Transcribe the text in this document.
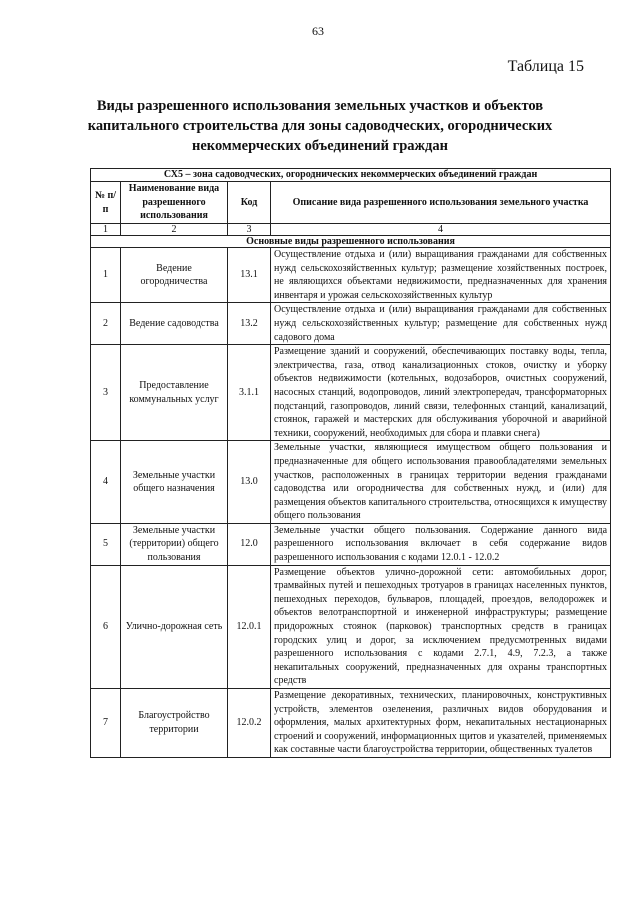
63
Таблица 15
Виды разрешенного использования земельных участков и объектов
капитального строительства для зоны садоводческих, огороднических
некоммерческих объединений граждан
СХ5 – зона садоводческих, огороднических некоммерческих объединений граждан			
№ п/п	Наименование вида разрешенного использования	Код	Описание вида разрешенного использования земельного участка
1	2	3	4
Основные виды разрешенного использования			
1	Ведение огородничества	13.1	Осуществление отдыха и (или) выращивания гражданами для собственных нужд сельскохозяйственных культур; размещение хозяйственных построек, не являющихся объектами недвижимости, предназначенных для хранения инвентаря и урожая сельскохозяйственных культур
2	Ведение садоводства	13.2	Осуществление отдыха и (или) выращивания гражданами для собственных нужд сельскохозяйственных культур; размещение для собственных нужд садового дома
3	Предоставление коммунальных услуг	3.1.1	Размещение зданий и сооружений, обеспечивающих поставку воды, тепла, электричества, газа, отвод канализационных стоков, очистку и уборку объектов недвижимости (котельных, водозаборов, очистных сооружений, насосных станций, водопроводов, линий электропередач, трансформаторных подстанций, газопроводов, линий связи, телефонных станций, канализаций, стоянок, гаражей и мастерских для обслуживания уборочной и аварийной техники, сооружений, необходимых для сбора и плавки снега)
4	Земельные участки общего назначения	13.0	Земельные участки, являющиеся имуществом общего пользования и предназначенные для общего использования правообладателями земельных участков, расположенных в границах территории ведения гражданами садоводства или огородничества для собственных нужд, и (или) для размещения объектов капитального строительства, относящихся к имуществу общего пользования
5	Земельные участки (территории) общего пользования	12.0	Земельные участки общего пользования. Содержание данного вида разрешенного использования включает в себя содержание видов разрешенного использования с кодами 12.0.1 - 12.0.2
6	Улично-дорожная сеть	12.0.1	Размещение объектов улично-дорожной сети: автомобильных дорог, трамвайных путей и пешеходных тротуаров в границах населенных пунктов, пешеходных переходов, бульваров, площадей, проездов, велодорожек и объектов велотранспортной и инженерной инфраструктуры; размещение придорожных стоянок (парковок) транспортных средств в границах городских улиц и дорог, за исключением предусмотренных видами разрешенного использования с кодами 2.7.1, 4.9, 7.2.3, а также некапитальных сооружений, предназначенных для охраны транспортных средств
7	Благоустройство территории	12.0.2	Размещение декоративных, технических, планировочных, конструктивных устройств, элементов озеленения, различных видов оборудования и оформления, малых архитектурных форм, некапитальных нестационарных строений и сооружений, информационных щитов и указателей, применяемых как составные части благоустройства территории, общественных туалетов
